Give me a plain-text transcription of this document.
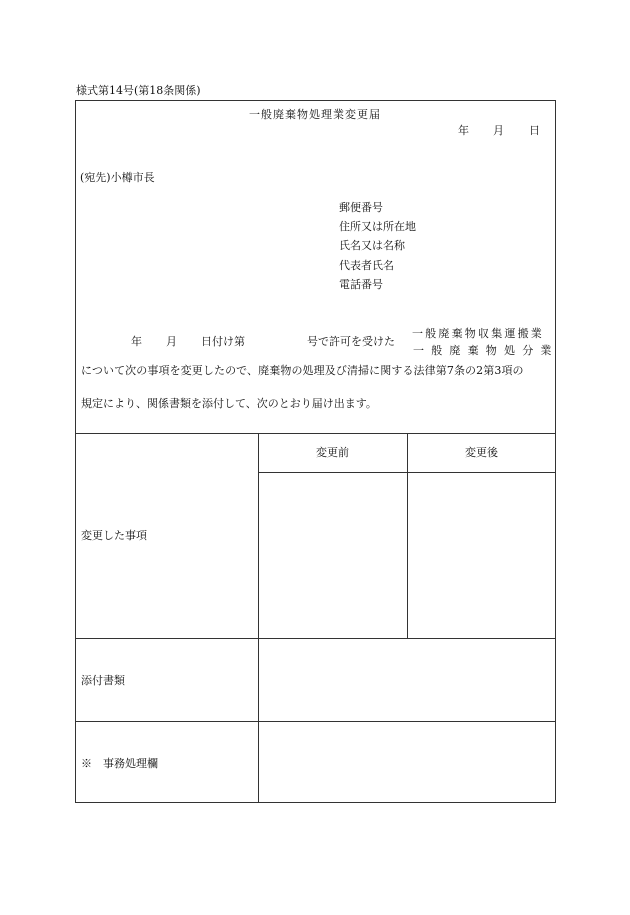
様式第14号(第18条関係)
一般廃棄物処理業変更届
年 月 日
(宛先)小樽市長
郵便番号
住所又は所在地
氏名又は名称
代表者氏名
電話番号
年 月 日付け第	号で許可を受けた
一般廃棄物収集運搬業
一般廃棄物処分業
について次の事項を変更したので、廃棄物の処理及び清掃に関する法律第7条の2第3項の
規定により、関係書類を添付して、次のとおり届け出ます。
変更前	変更後
変更した事項
添付書類
※　事務処理欄
